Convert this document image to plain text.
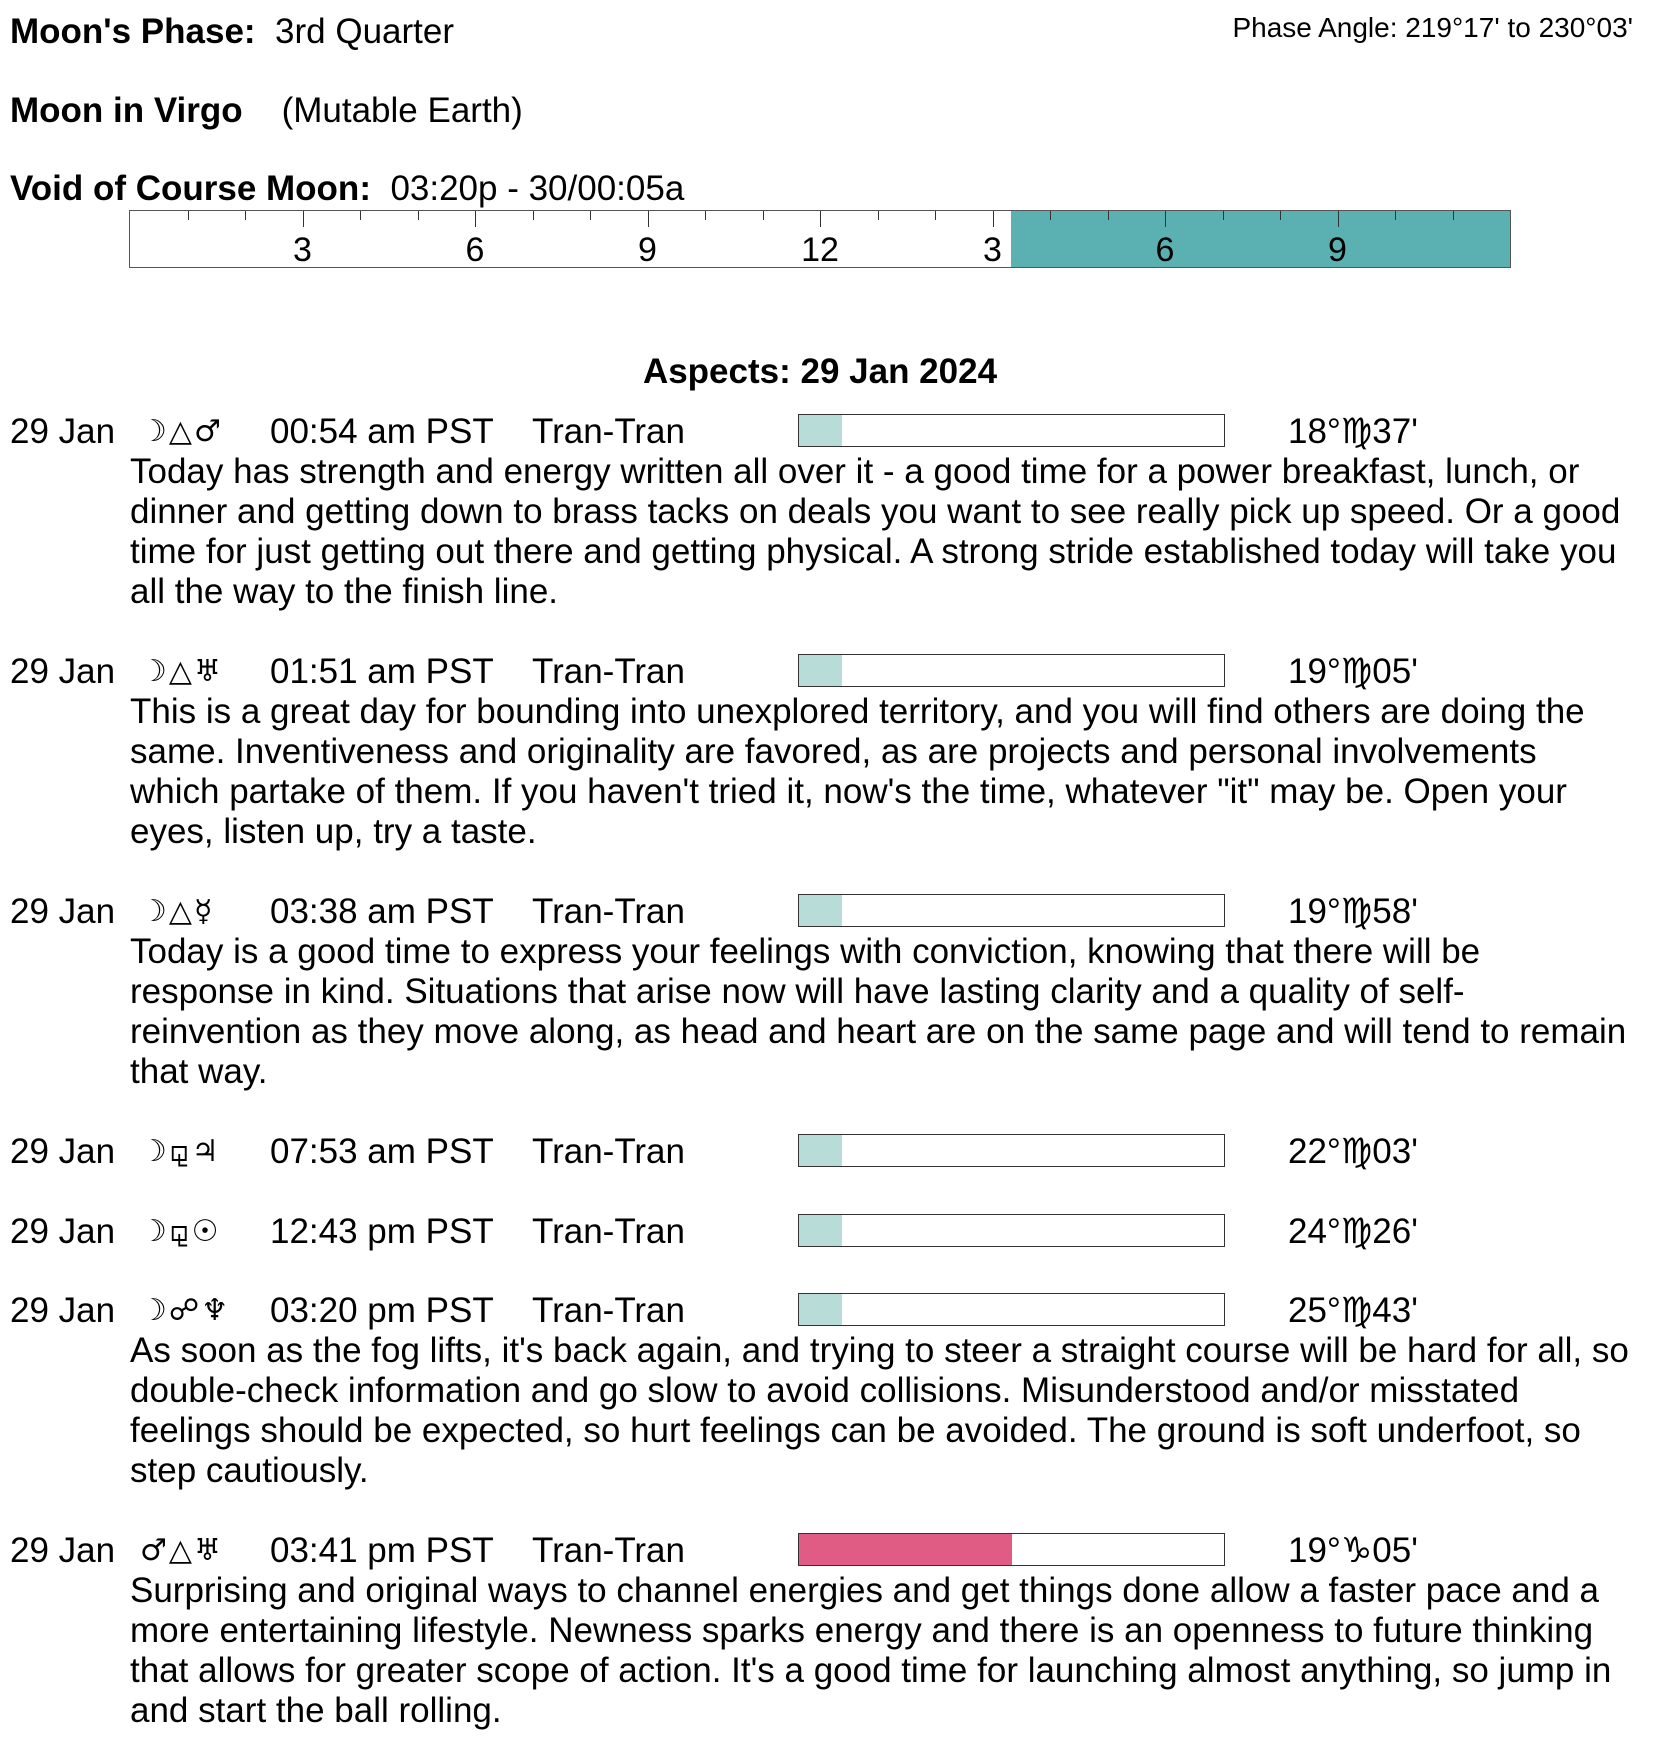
Moon's Phase: 3rd Quarter	Phase Angle: 219°17' to 230°03'
Moon in Virgo (Mutable Earth)
Void of Course Moon: 03:20p - 30/00:05a
3	6	9	12	3	6	9
Aspects: 29 Jan 2024
29 Jan ☽△♂ 00:54 am PST Tran-Tran	18°♍37'
Today has strength and energy written all over it - a good time for a power breakfast, lunch, or dinner and getting down to brass tacks on deals you want to see really pick up speed. Or a good time for just getting out there and getting physical. A strong stride established today will take you all the way to the finish line.
29 Jan ☽△♅ 01:51 am PST Tran-Tran	19°♍05'
This is a great day for bounding into unexplored territory, and you will find others are doing the same. Inventiveness and originality are favored, as are projects and personal involvements which partake of them. If you haven't tried it, now's the time, whatever "it" may be. Open your eyes, listen up, try a taste.
29 Jan ☽△☿ 03:38 am PST Tran-Tran	19°♍58'
Today is a good time to express your feelings with conviction, knowing that there will be response in kind. Situations that arise now will have lasting clarity and a quality of self-reinvention as they move along, as head and heart are on the same page and will tend to remain that way.
29 Jan ☽⚼♃ 07:53 am PST Tran-Tran	22°♍03'
29 Jan ☽⚼☉ 12:43 pm PST Tran-Tran	24°♍26'
29 Jan ☽☍♆ 03:20 pm PST Tran-Tran	25°♍43'
As soon as the fog lifts, it's back again, and trying to steer a straight course will be hard for all, so double-check information and go slow to avoid collisions. Misunderstood and/or misstated feelings should be expected, so hurt feelings can be avoided. The ground is soft underfoot, so step cautiously.
29 Jan ♂△♅ 03:41 pm PST Tran-Tran	19°♑05'
Surprising and original ways to channel energies and get things done allow a faster pace and a more entertaining lifestyle. Newness sparks energy and there is an openness to future thinking that allows for greater scope of action. It's a good time for launching almost anything, so jump in and start the ball rolling.
